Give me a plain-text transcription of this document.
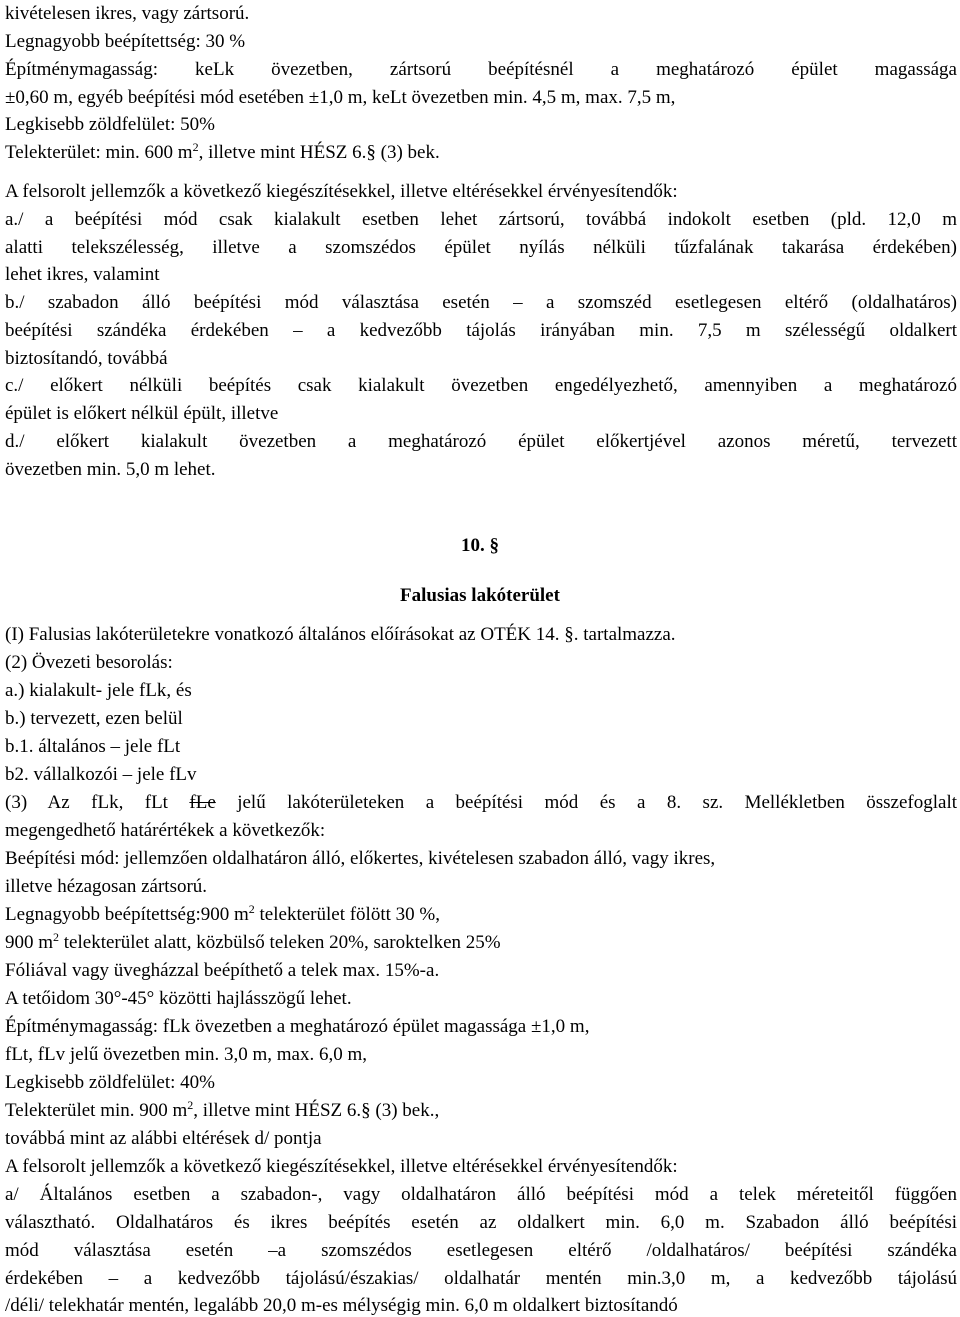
kivételesen ikres, vagy zártsorú.
Legnagyobb beépítettség: 30 %
Építménymagasság: keLk övezetben, zártsorú beépítésnél a meghatározó épület magassága
±0,60 m, egyéb beépítési mód esetében ±1,0 m, keLt övezetben min. 4,5 m, max. 7,5 m,
Legkisebb zöldfelület: 50%
Telekterület: min. 600 $m^2$, illetve mint HÉSZ 6.§ (3) bek.
A felsorolt jellemzők a következő kiegészítésekkel, illetve eltérésekkel érvényesítendők:
a./ a beépítési mód csak kialakult esetben lehet zártsorú, továbbá indokolt esetben (pld. 12,0 m
alatti telekszélesség, illetve a szomszédos épület nyílás nélküli tűzfalának takarása érdekében)
lehet ikres, valamint
b./ szabadon álló beépítési mód választása esetén – a szomszéd esetlegesen eltérő (oldalhatáros)
beépítési szándéka érdekében – a kedvezőbb tájolás irányában min. 7,5 m szélességű oldalkert
biztosítandó, továbbá
c./ előkert nélküli beépítés csak kialakult övezetben engedélyezhető, amennyiben a meghatározó
épület is előkert nélkül épült, illetve
d./ előkert kialakult övezetben a meghatározó épület előkertjével azonos méretű, tervezett
övezetben min. 5,0 m lehet.
10. §
Falusias lakóterület
(I) Falusias lakóterületekre vonatkozó általános előírásokat az OTÉK 14. §. tartalmazza.
(2) Övezeti besorolás:
a.) kialakult- jele fLk, és
b.) tervezett, ezen belül
b.1. általános – jele fLt
b2. vállalkozói – jele fLv
(3) Az fLk, fLt fLe jelű lakóterületeken a beépítési mód és a 8. sz. Mellékletben összefoglalt
megengedhető határértékek a következők:
Beépítési mód: jellemzően oldalhatáron álló, előkertes, kivételesen szabadon álló, vagy ikres,
illetve hézagosan zártsorú.
Legnagyobb beépítettség:900 $m^2$ telekterület fölött 30 %,
900 $m^2$ telekterület alatt, közbülső teleken 20%, saroktelken 25%
Fóliával vagy üvegházzal beépíthető a telek max. 15%-a.
A tetőidom 30°-45° közötti hajlásszögű lehet.
Építménymagasság: fLk övezetben a meghatározó épület magassága ±1,0 m,
fLt, fLv jelű övezetben min. 3,0 m, max. 6,0 m,
Legkisebb zöldfelület: 40%
Telekterület min. 900 $m^2$, illetve mint HÉSZ 6.§ (3) bek.,
továbbá mint az alábbi eltérések d/ pontja
A felsorolt jellemzők a következő kiegészítésekkel, illetve eltérésekkel érvényesítendők:
a/ Általános esetben a szabadon-, vagy oldalhatáron álló beépítési mód a telek méreteitől függően
választható. Oldalhatáros és ikres beépítés esetén az oldalkert min. 6,0 m. Szabadon álló beépítési
mód választása esetén –a szomszédos esetlegesen eltérő /oldalhatáros/ beépítési szándéka
érdekében – a kedvezőbb tájolású/északias/ oldalhatár mentén min.3,0 m, a kedvezőbb tájolású
/déli/ telekhatár mentén, legalább 20,0 m-es mélységig min. 6,0 m oldalkert biztosítandó
